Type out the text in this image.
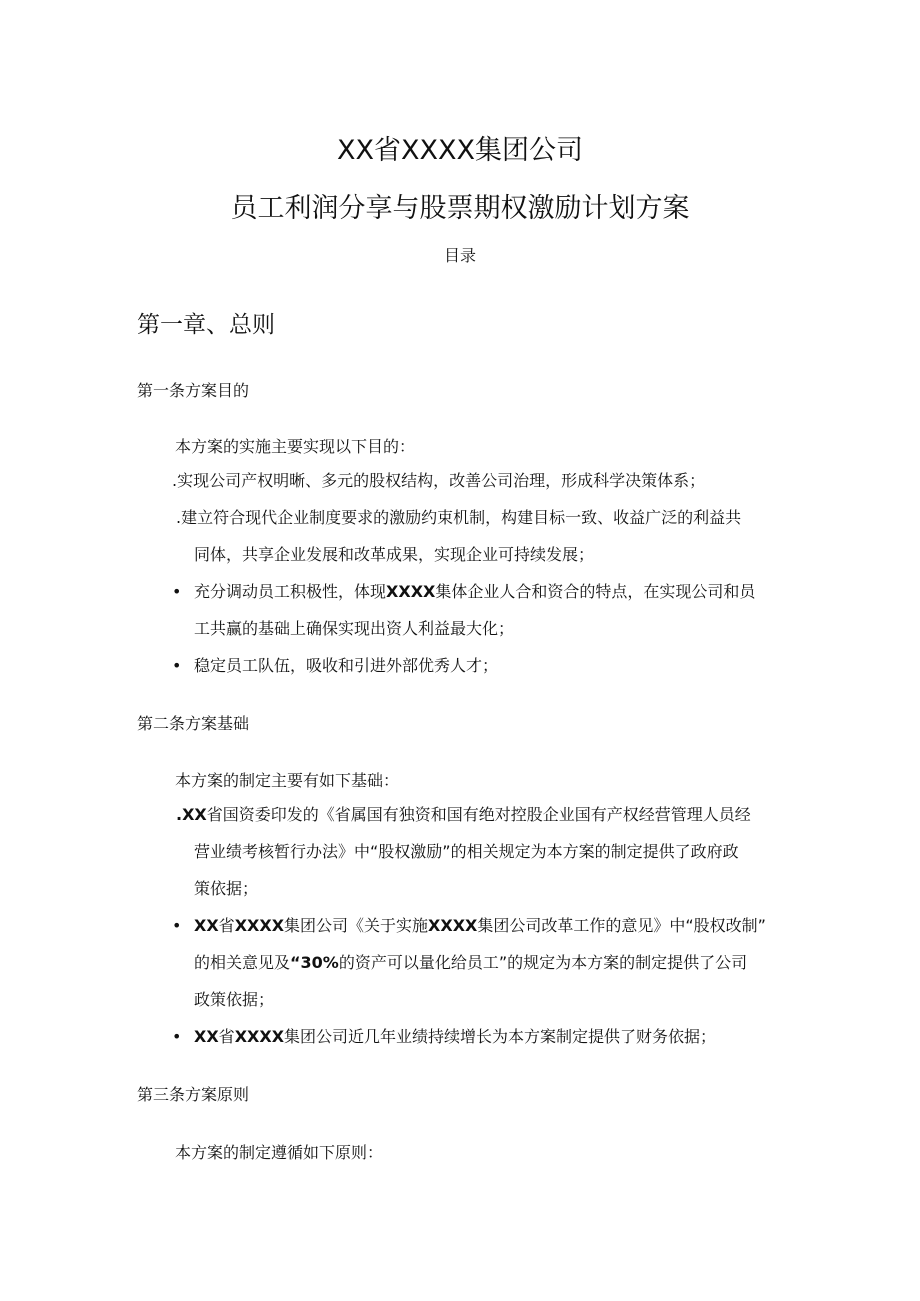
XX省XXXX集团公司
员工利润分享与股票期权激励计划方案

目录

第一章、总则
第一条方案目的

本方案的实施主要实现以下目的：

.实现公司产权明晰、多元的股权结构，改善公司治理，形成科学决策体系；
.建立符合现代企业制度要求的激励约束机制，构建目标一致、收益广泛的利益共
同体，共享企业发展和改革成果，实现企业可持续发展；
• 充分调动员工积极性，体现XXXX集体企业人合和资合的特点，在实现公司和员
工共赢的基础上确保实现出资人利益最大化；
• 稳定员工队伍，吸收和引进外部优秀人才；
第二条方案基础

本方案的制定主要有如下基础：

.XX省国资委印发的《省属国有独资和国有绝对控股企业国有产权经营管理人员经
营业绩考核暂行办法》中“股权激励”的相关规定为本方案的制定提供了政府政
策依据；
• XX省XXXX集团公司《关于实施XXXX集团公司改革工作的意见》中“股权改制”
的相关意见及“30%的资产可以量化给员工”的规定为本方案的制定提供了公司
政策依据；
• XX省XXXX集团公司近几年业绩持续增长为本方案制定提供了财务依据；
第三条方案原则

本方案的制定遵循如下原则：
